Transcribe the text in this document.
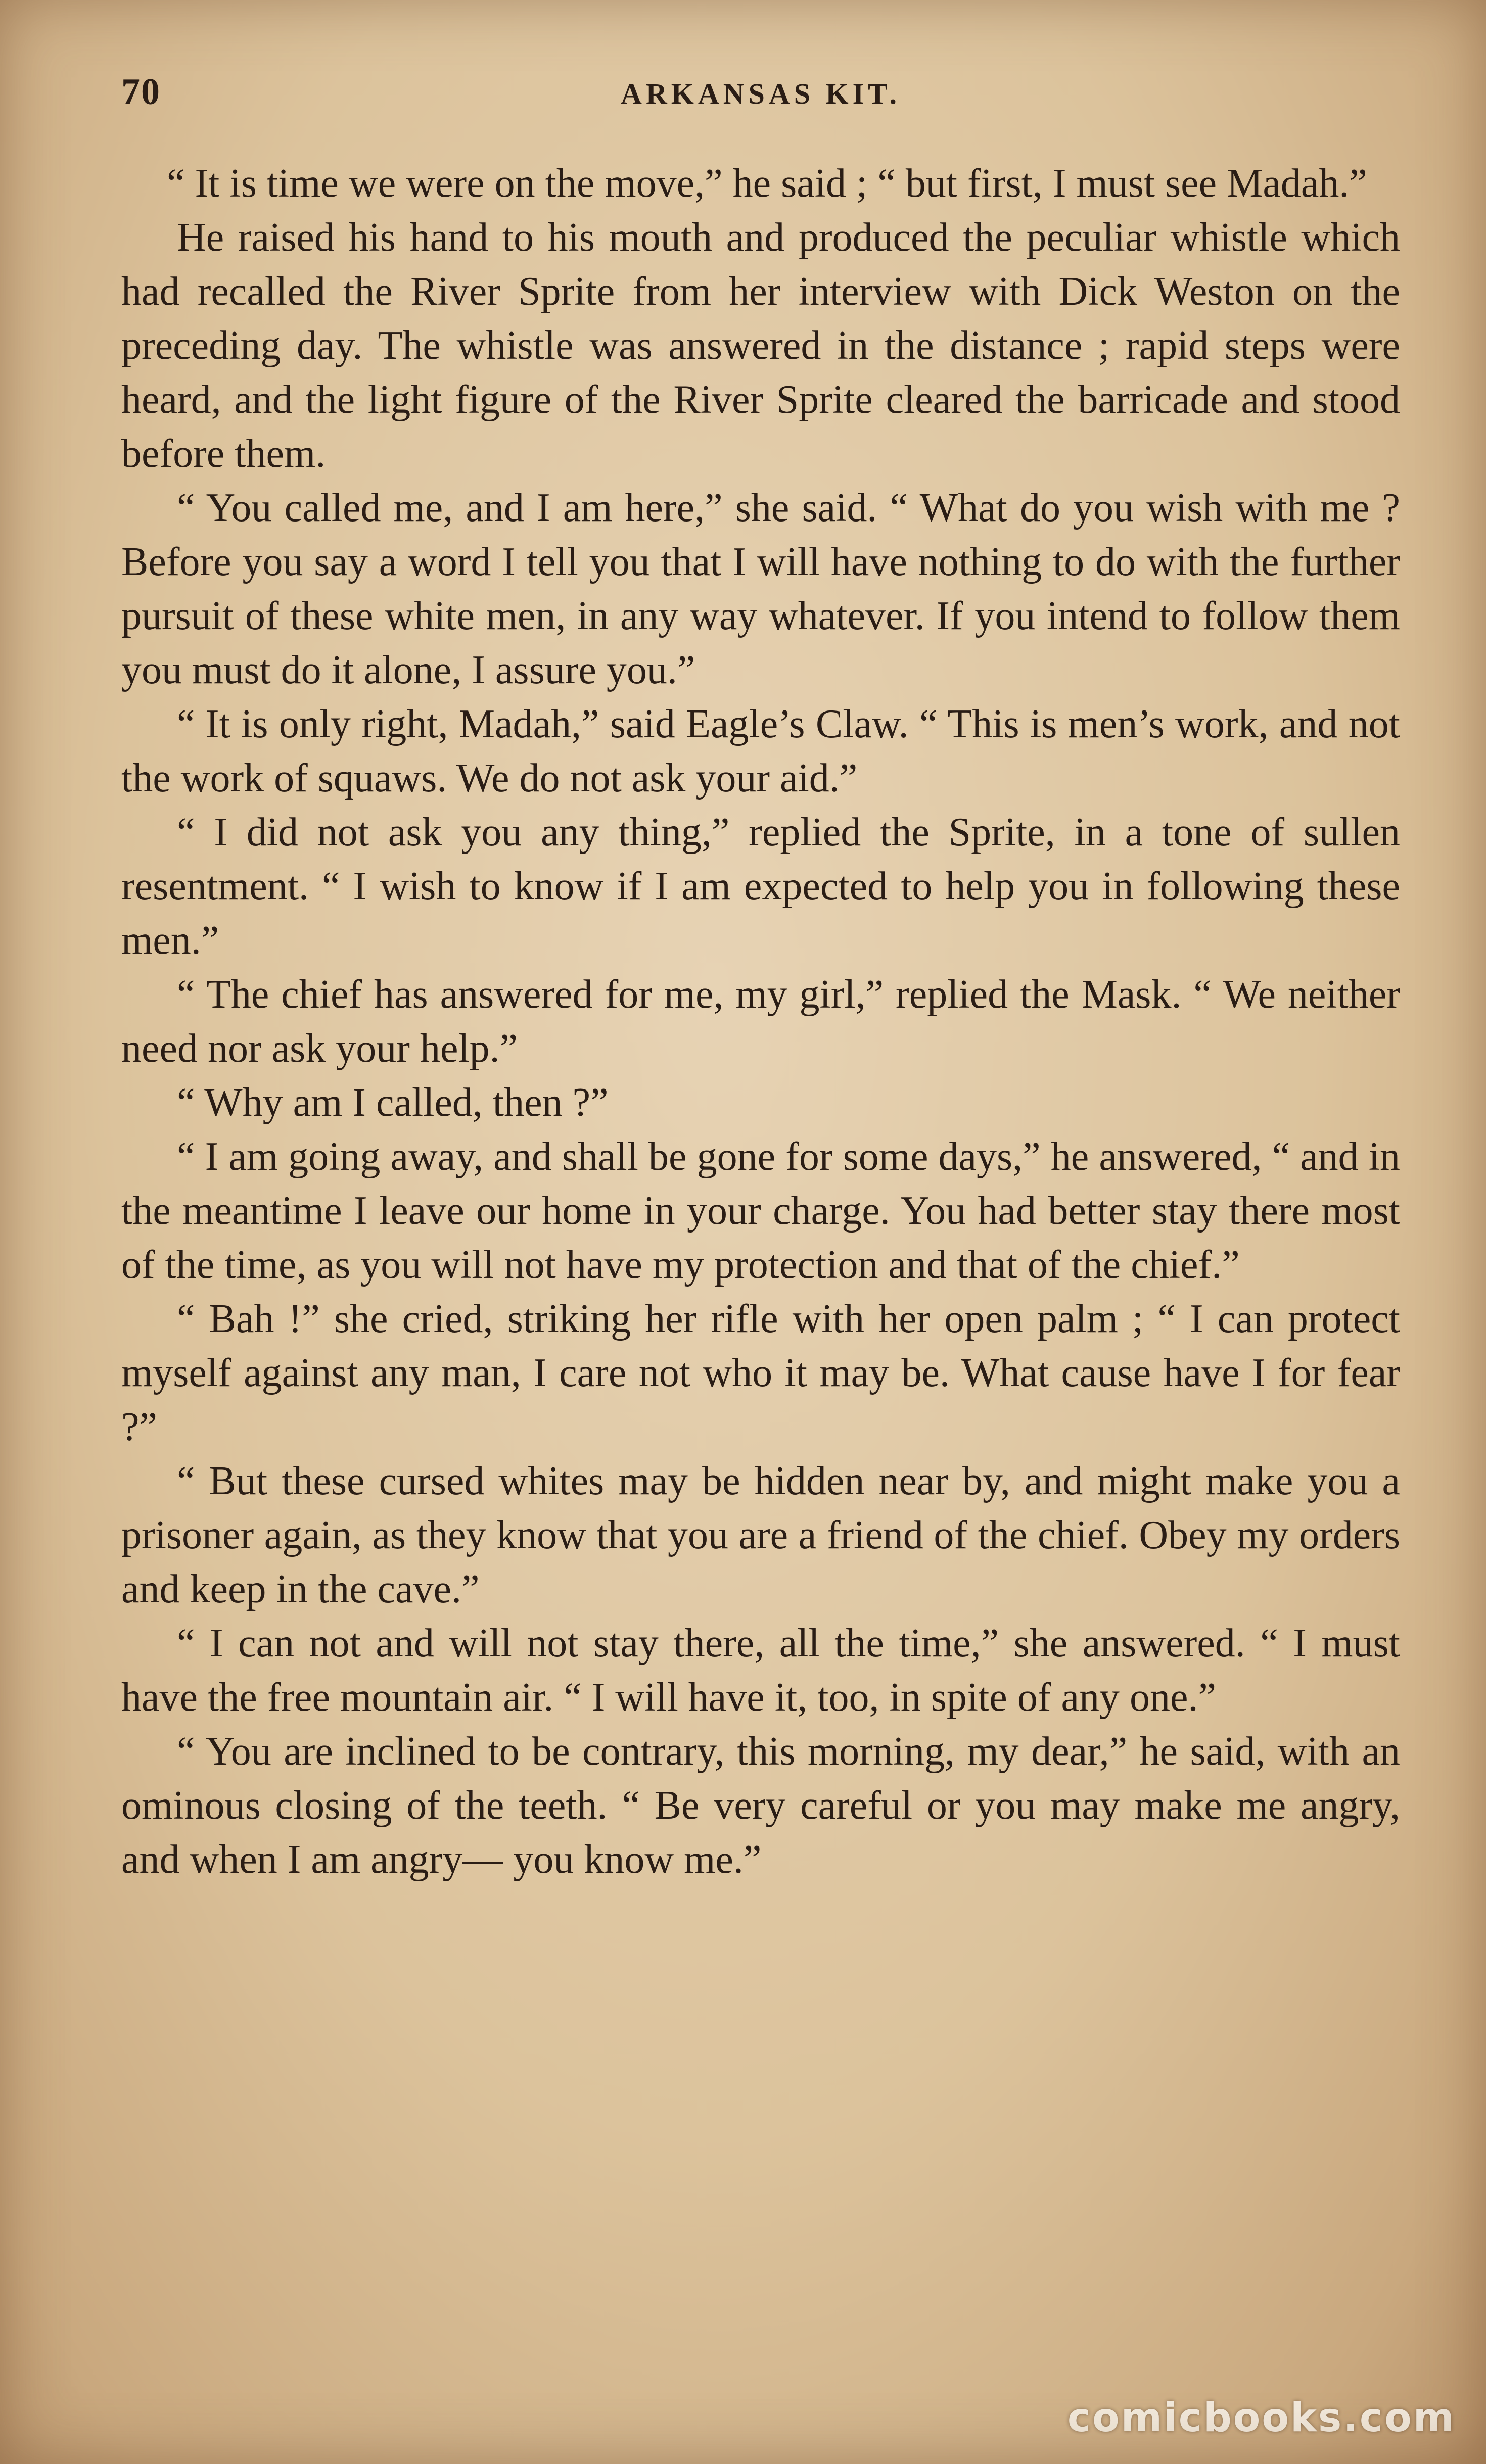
70	ARKANSAS KIT.

“ It is time we were on the move,” he said ; “ but first, I must see Madah.”

He raised his hand to his mouth and produced the peculiar whistle which had recalled the River Sprite from her interview with Dick Weston on the preceding day. The whistle was answered in the distance ; rapid steps were heard, and the light figure of the River Sprite cleared the barricade and stood before them.

“ You called me, and I am here,” she said. “ What do you wish with me ? Before you say a word I tell you that I will have nothing to do with the further pursuit of these white men, in any way whatever. If you intend to follow them you must do it alone, I assure you.”

“ It is only right, Madah,” said Eagle’s Claw. “ This is men’s work, and not the work of squaws. We do not ask your aid.”

“ I did not ask you any thing,” replied the Sprite, in a tone of sullen resentment. “ I wish to know if I am expected to help you in following these men.”

“ The chief has answered for me, my girl,” replied the Mask. “ We neither need nor ask your help.”

“ Why am I called, then ?”

“ I am going away, and shall be gone for some days,” he answered, “ and in the meantime I leave our home in your charge. You had better stay there most of the time, as you will not have my protection and that of the chief.”

“ Bah !” she cried, striking her rifle with her open palm ; “ I can protect myself against any man, I care not who it may be. What cause have I for fear ?”

“ But these cursed whites may be hidden near by, and might make you a prisoner again, as they know that you are a friend of the chief. Obey my orders and keep in the cave.”

“ I can not and will not stay there, all the time,” she answered. “ I must have the free mountain air. “ I will have it, too, in spite of any one.”

“ You are inclined to be contrary, this morning, my dear,” he said, with an ominous closing of the teeth. “ Be very careful or you may make me angry, and when I am angry— you know me.”

comicbooks.com
